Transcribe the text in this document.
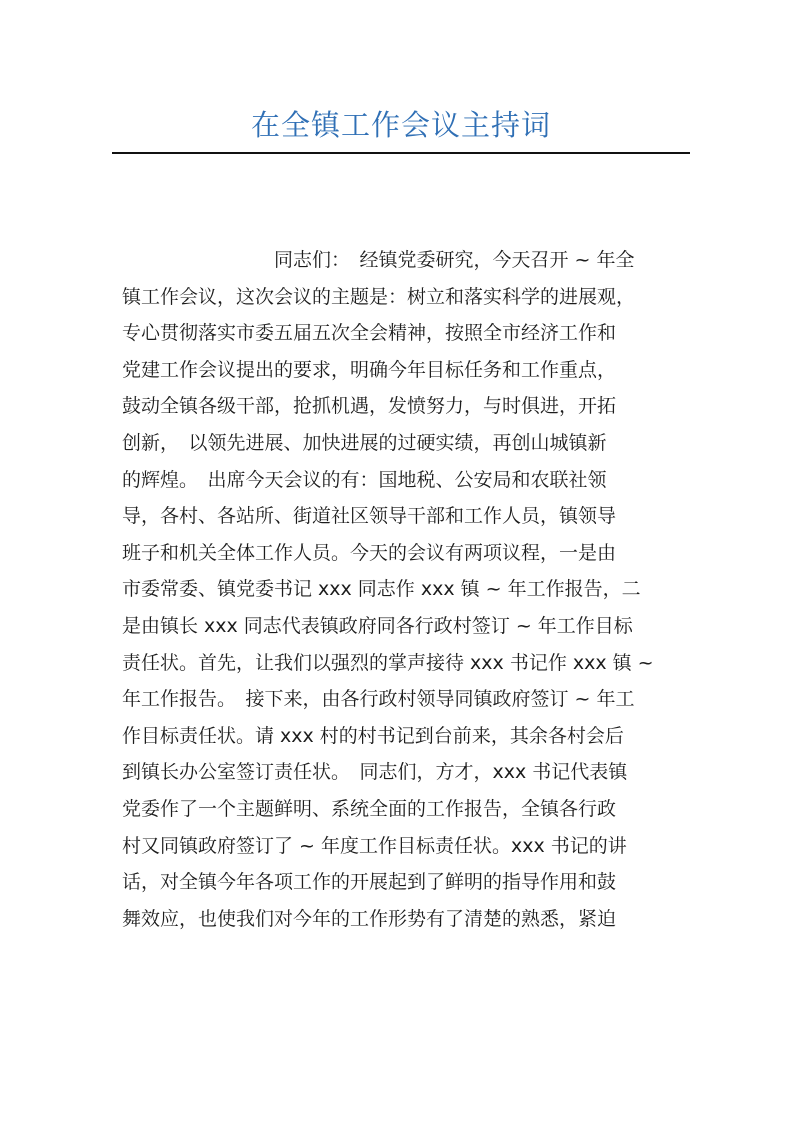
在全镇工作会议主持词
同志们：　经镇党委研究，今天召开 ~ 年全
镇工作会议，这次会议的主题是：树立和落实科学的进展观，
专心贯彻落实市委五届五次全会精神，按照全市经济工作和
党建工作会议提出的要求，明确今年目标任务和工作重点，
鼓动全镇各级干部，抢抓机遇，发愤努力，与时俱进，开拓
创新，　以领先进展、加快进展的过硬实绩，再创山城镇新
的辉煌。　出席今天会议的有：国地税、公安局和农联社领
导，各村、各站所、街道社区领导干部和工作人员，镇领导
班子和机关全体工作人员。今天的会议有两项议程，一是由
市委常委、镇党委书记 xxx 同志作 xxx 镇 ~ 年工作报告，二
是由镇长 xxx 同志代表镇政府同各行政村签订 ~ 年工作目标
责任状。首先，让我们以强烈的掌声接待 xxx 书记作 xxx 镇 ~
年工作报告。　接下来，由各行政村领导同镇政府签订 ~ 年工
作目标责任状。请 xxx 村的村书记到台前来，其余各村会后
到镇长办公室签订责任状。　同志们，方才，xxx 书记代表镇
党委作了一个主题鲜明、系统全面的工作报告，全镇各行政
村又同镇政府签订了 ~ 年度工作目标责任状。xxx 书记的讲
话，对全镇今年各项工作的开展起到了鲜明的指导作用和鼓
舞效应，也使我们对今年的工作形势有了清楚的熟悉，紧迫
